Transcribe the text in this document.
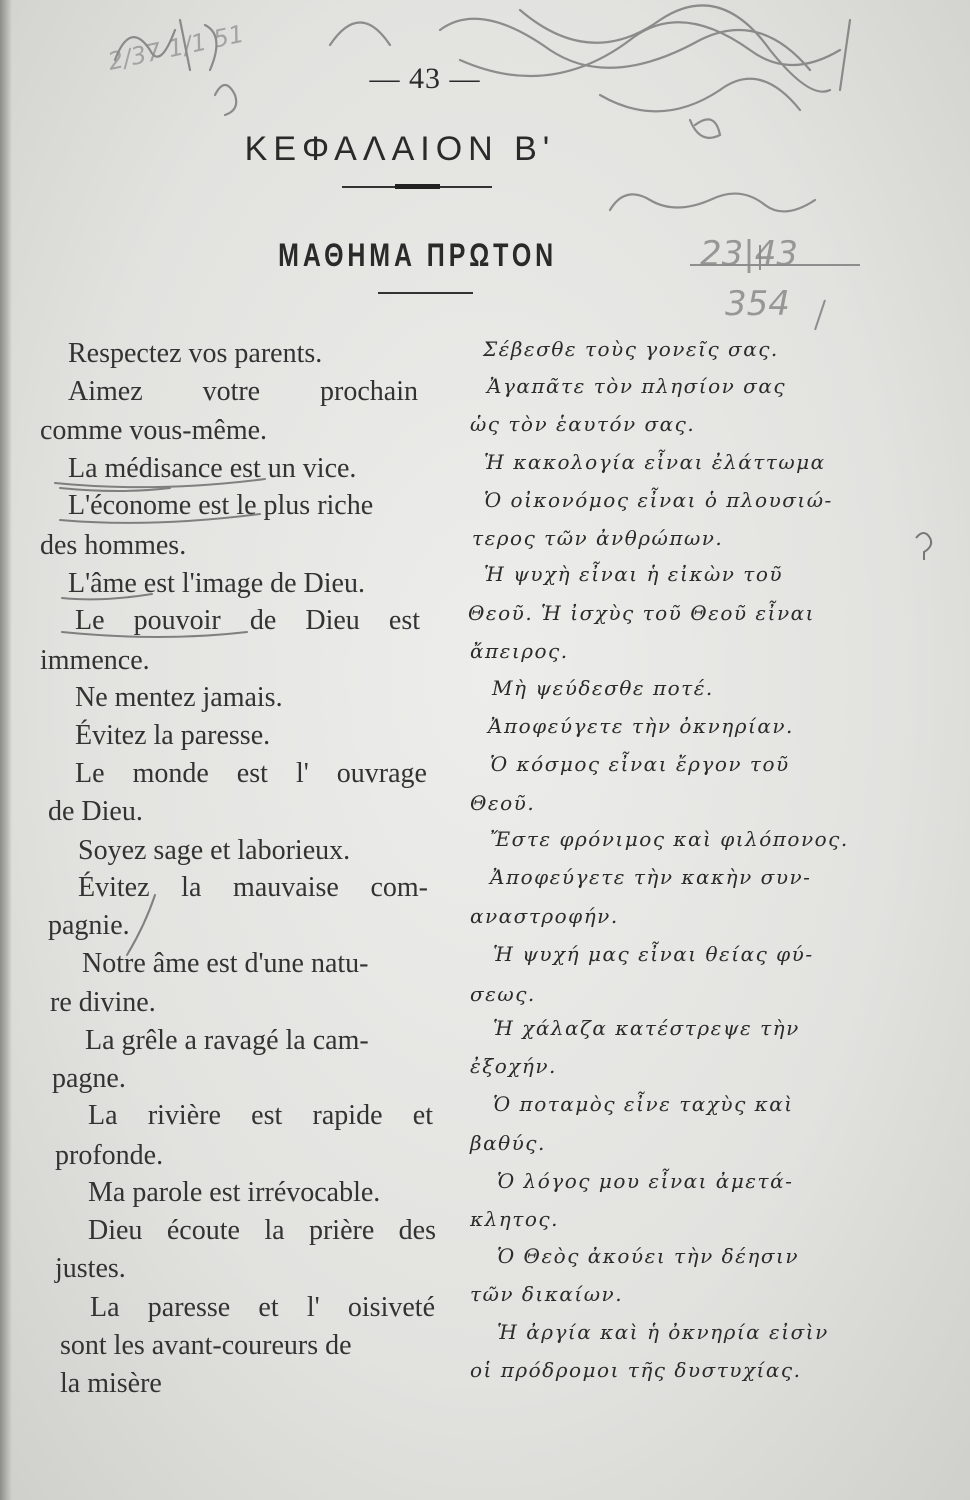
23|43
354
2/37 1/1 51
— 43 —
ΚΕΦΑΛΑΙΟΝ Β'
ΜΑΘΗΜΑ ΠΡΩΤΟΝ
Respectez vos parents.
Aimez votre prochain
comme vous-même.
La médisance est un vice.
L'économe est le plus riche
des hommes.
L'âme est l'image de Dieu.
Le pouvoir de Dieu est
immence.
Ne mentez jamais.
Évitez la paresse.
Le monde est l' ouvrage
de Dieu.
Soyez sage et laborieux.
Évitez la mauvaise com-
pagnie.
Notre âme est d'une natu-
re divine.
La grêle a ravagé la cam-
pagne.
La rivière est rapide et
profonde.
Ma parole est irrévocable.
Dieu écoute la prière des
justes.
La paresse et l' oisiveté
sont les avant-coureurs de
la misère
Σέβεσθε τοὺς γονεῖς σας.
Ἀγαπᾶτε τὸν πλησίον σας
ὡς τὸν ἑαυτόν σας.
Ἡ κακολογία εἶναι ἐλάττωμα
Ὁ οἰκονόμος εἶναι ὁ πλουσιώ-
τερος τῶν ἀνθρώπων.
Ἡ ψυχὴ εἶναι ἡ εἰκὼν τοῦ
Θεοῦ. Ἡ ἰσχὺς τοῦ Θεοῦ εἶναι
ἄπειρος.
Μὴ ψεύδεσθε ποτέ.
Ἀποφεύγετε τὴν ὀκνηρίαν.
Ὁ κόσμος εἶναι ἔργον τοῦ
Θεοῦ.
Ἔστε φρόνιμος καὶ φιλόπονος.
Ἀποφεύγετε τὴν κακὴν συν-
αναστροφήν.
Ἡ ψυχή μας εἶναι θείας φύ-
σεως.
Ἡ χάλαζα κατέστρεψε τὴν
ἐξοχήν.
Ὁ ποταμὸς εἶνε ταχὺς καὶ
βαθύς.
Ὁ λόγος μου εἶναι ἀμετά-
κλητος.
Ὁ Θεὸς ἀκούει τὴν δέησιν
τῶν δικαίων.
Ἡ ἀργία καὶ ἡ ὀκνηρία εἰσὶν
οἱ πρόδρομοι τῆς δυστυχίας.
